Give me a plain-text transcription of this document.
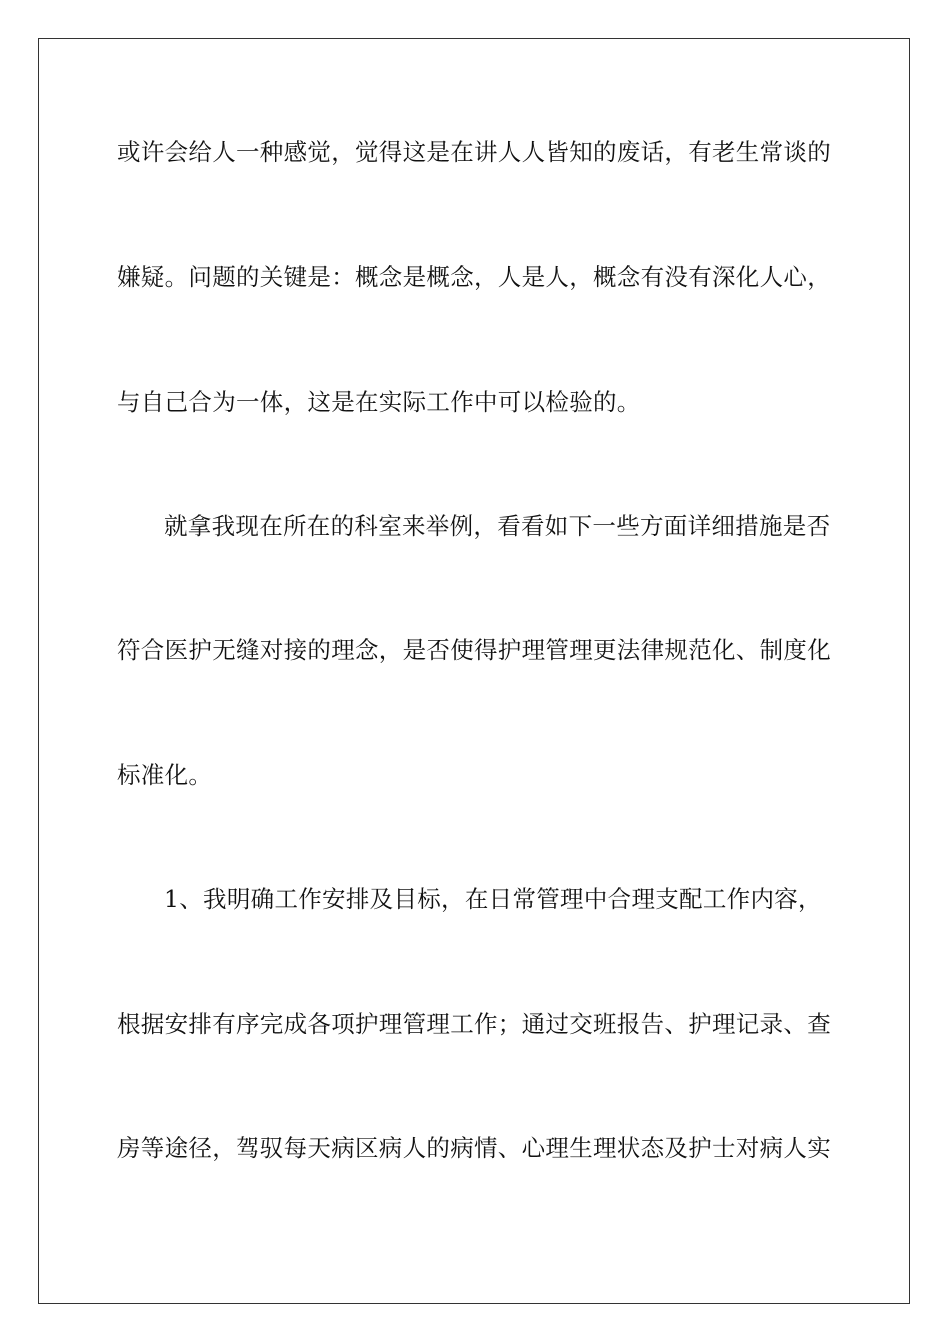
或许会给人一种感觉，觉得这是在讲人人皆知的废话，有老生常谈的
嫌疑。问题的关键是：概念是概念，人是人，概念有没有深化人心，
与自己合为一体，这是在实际工作中可以检验的。
就拿我现在所在的科室来举例，看看如下一些方面详细措施是否
符合医护无缝对接的理念，是否使得护理管理更法律规范化、制度化
标准化。
1、我明确工作安排及目标，在日常管理中合理支配工作内容，
根据安排有序完成各项护理管理工作；通过交班报告、护理记录、查
房等途径，驾驭每天病区病人的病情、心理生理状态及护士对病人实
